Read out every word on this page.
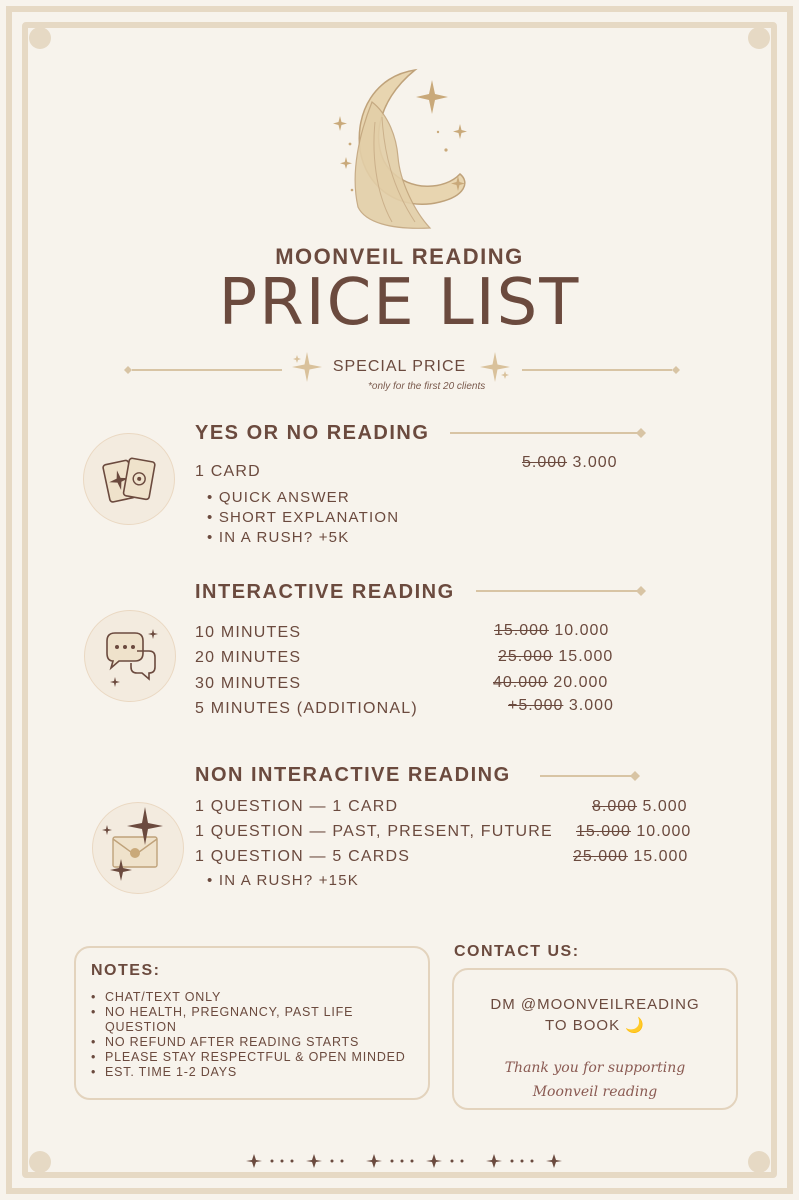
MOONVEIL READING
PRICE LIST
SPECIAL PRICE
*only for the first 20 clients
YES OR NO READING
1 CARD
5.000 3.000
• QUICK ANSWER
• SHORT EXPLANATION
• IN A RUSH? +5K
INTERACTIVE READING
10 MINUTES	15.000 10.000
20 MINUTES	25.000 15.000
30 MINUTES	40.000 20.000
5 MINUTES (ADDITIONAL)	+5.000 3.000
NON INTERACTIVE READING
1 QUESTION — 1 CARD	8.000 5.000
1 QUESTION — PAST, PRESENT, FUTURE 15.000 10.000
1 QUESTION — 5 CARDS	25.000 15.000
• IN A RUSH? +15K
NOTES:
• CHAT/TEXT ONLY
• NO HEALTH, PREGNANCY, PAST LIFE QUESTION
• NO REFUND AFTER READING STARTS
• PLEASE STAY RESPECTFUL & OPEN MINDED
• EST. TIME 1-2 DAYS
CONTACT US:
DM @MOONVEILREADING
TO BOOK 🌙
Thank you for supporting
Moonveil reading
